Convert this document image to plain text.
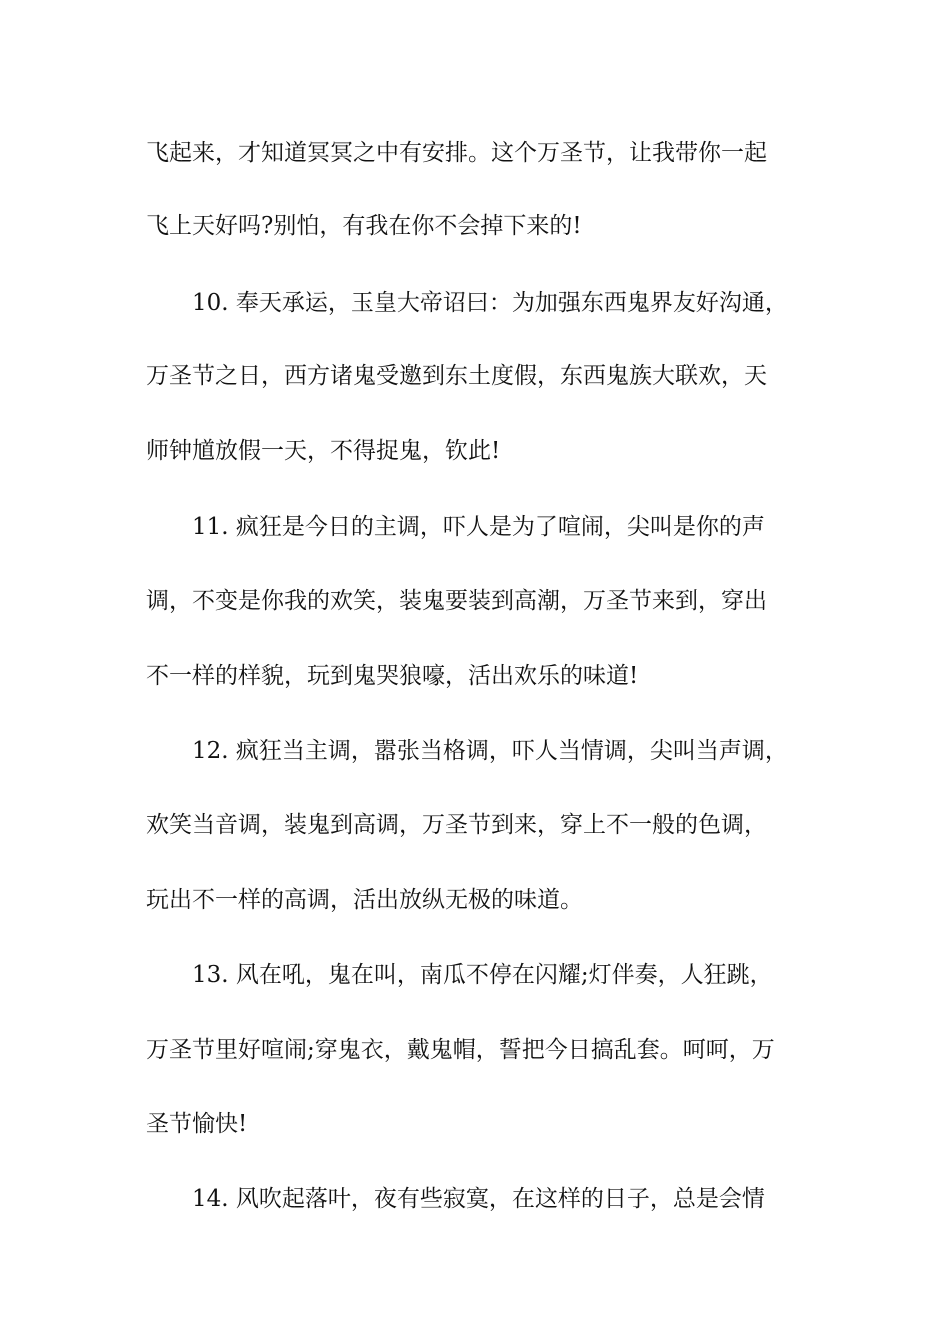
飞起来，才知道冥冥之中有安排。这个万圣节，让我带你一起
飞上天好吗?别怕，有我在你不会掉下来的!
10. 奉天承运，玉皇大帝诏曰：为加强东西鬼界友好沟通，
万圣节之日，西方诸鬼受邀到东土度假，东西鬼族大联欢，天
师钟馗放假一天，不得捉鬼，钦此!
11. 疯狂是今日的主调，吓人是为了喧闹，尖叫是你的声
调，不变是你我的欢笑，装鬼要装到高潮，万圣节来到，穿出
不一样的样貌，玩到鬼哭狼嚎，活出欢乐的味道!
12. 疯狂当主调，嚣张当格调，吓人当情调，尖叫当声调，
欢笑当音调，装鬼到高调，万圣节到来，穿上不一般的色调，
玩出不一样的高调，活出放纵无极的味道。
13. 风在吼，鬼在叫，南瓜不停在闪耀;灯伴奏，人狂跳，
万圣节里好喧闹;穿鬼衣，戴鬼帽，誓把今日搞乱套。呵呵，万
圣节愉快!
14. 风吹起落叶，夜有些寂寞，在这样的日子，总是会情
